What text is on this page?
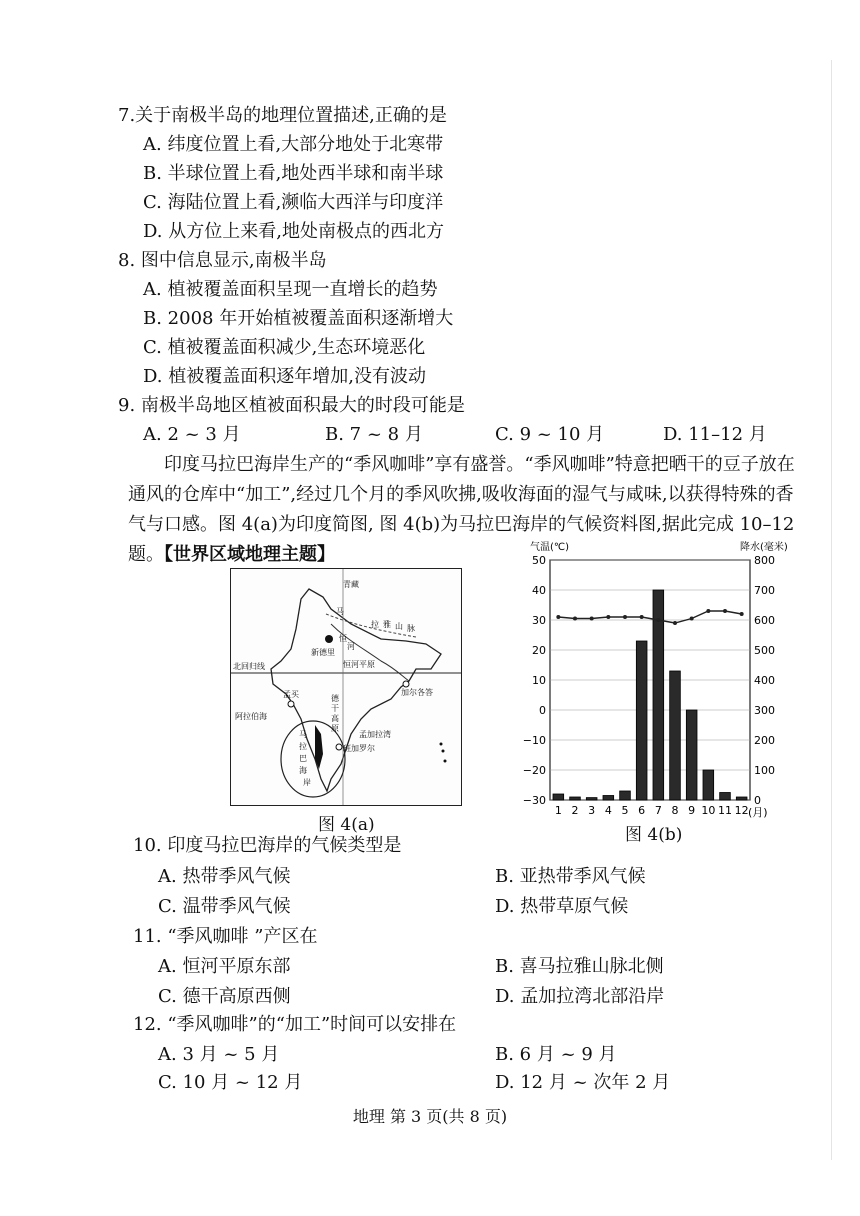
7.关于南极半岛的地理位置描述,正确的是
A. 纬度位置上看,大部分地处于北寒带
B. 半球位置上看,地处西半球和南半球
C. 海陆位置上看,濒临大西洋与印度洋
D. 从方位上来看,地处南极点的西北方
8. 图中信息显示,南极半岛
A. 植被覆盖面积呈现一直增长的趋势
B. 2008 年开始植被覆盖面积逐渐增大
C. 植被覆盖面积减少,生态环境恶化
D. 植被覆盖面积逐年增加,没有波动
9. 南极半岛地区植被面积最大的时段可能是
A. 2 ~ 3 月	B. 7 ~ 8 月	C. 9 ~ 10 月	D. 11–12 月
印度马拉巴海岸生产的“季风咖啡”享有盛誉。“季风咖啡”特意把晒干的豆子放在通风的仓库中“加工”,经过几个月的季风吹拂,吸收海面的湿气与咸味,以获得特殊的香气与口感。图 4(a)为印度简图, 图 4(b)为马拉巴海岸的气候资料图,据此完成 10–12 题。【世界区域地理主题】
青 藏
马
拉 雅 山 脉
新德里
恒
河
恒河平原
北回归线
加尔各答
孟买
阿拉伯海
德
干
高
原
孟加拉湾
班加罗尔
马
拉
巴
海
岸
图 4(a)
气温(℃)	降水(毫米)
50
40
30
20
10
0
−10
−20
−30
800
700
600
500
400
300
200
100
0
1 2 3 4 5 6 7 8 9 10 11 12 (月)
图 4(b)
10. 印度马拉巴海岸的气候类型是
A. 热带季风气候	B. 亚热带季风气候
C. 温带季风气候	D. 热带草原气候
11. “季风咖啡 ”产区在
A. 恒河平原东部	B. 喜马拉雅山脉北侧
C. 德干高原西侧	D. 孟加拉湾北部沿岸
12. “季风咖啡”的“加工”时间可以安排在
A. 3 月 ~ 5 月	B. 6 月 ~ 9 月
C. 10 月 ~ 12 月	D. 12 月 ~ 次年 2 月
地理 第 3 页(共 8 页)
